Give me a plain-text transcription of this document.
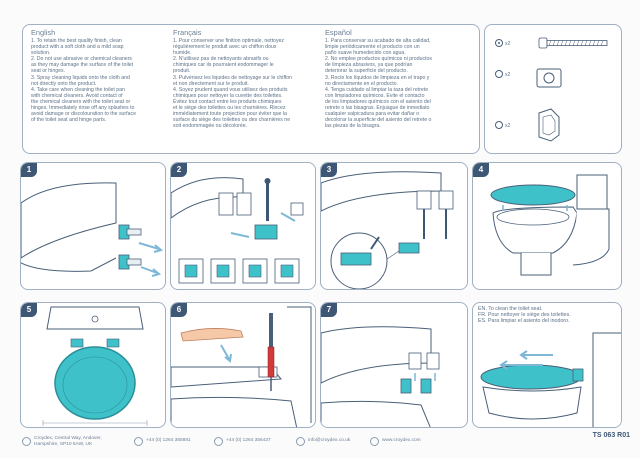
English

1. To retain the best quality finish, clean
product with a soft cloth and a mild soap
solution.
2. Do not use abrasive or chemical cleaners
as they may damage the surface of the toilet
seat or hinges.
3. Spray cleaning liquids onto the cloth and
not directly onto the product.
4. Take care when cleaning the toilet pan
with chemical cleaners. Avoid contact of
the chemical cleaners with the toilet seat or
hinges. Immediately rinse off any splashes to
avoid damage or discolouration to the surface
of the toilet seat and hinge parts.

Français

1. Pour conserver une finition optimale, nettoyez
régulièrement le produit avec un chiffon doux
humide.
2. N'utilisez pas de nettoyants abrasifs ou
chimiques car ils pourraient endommager le
produit.
3. Pulvérisez les liquides de nettoyage sur le chiffon
et non directement sur le produit.
4. Soyez prudent quand vous utilisez des produits
chimiques pour nettoyer la cuvette des toilettes.
Évitez tout contact entre les produits chimiques
et le siège des toilettes ou les charnières. Rincez
immédiatement toute projection pour éviter que la
surface du siège des toilettes ou des charnières ne
soit endommagée ou décolorée.

Español

1. Para conservar su acabado de alta calidad,
limpie periódicamente el producto con un
paño suave humedecido con agua.
2. No emplee productos químicos ni productos
de limpieza abrasivos, ya que podrían
deteriorar la superficie del producto.
3. Rocíe los líquidos de limpieza en el trapo y
no directamente en el producto.
4. Tenga cuidado al limpiar la taza del retrete
con limpiadores químicos. Evite el contacto
de los limpiadores químicos con el asiento del
retrete o las bisagras. Enjuague de inmediato
cualquier salpicadura para evitar dañar o
decolorar la superficie del asiento del retrete o
las piezas de la bisagra.

x2
x2
x2
1	2	3	4
5	6	7	EN. To clean the toilet seat.
FR. Pour nettoyer le siège des toilettes.
ES. Para limpiar el asiento del inodoro.
Croydex, Central Way, Andover,
Hampshire, SP10 5AW, UK
+44 (0) 1264 365881	+44 (0) 1264 356437	info@croydex.co.uk	www.croydex.com
TS 063 R01
